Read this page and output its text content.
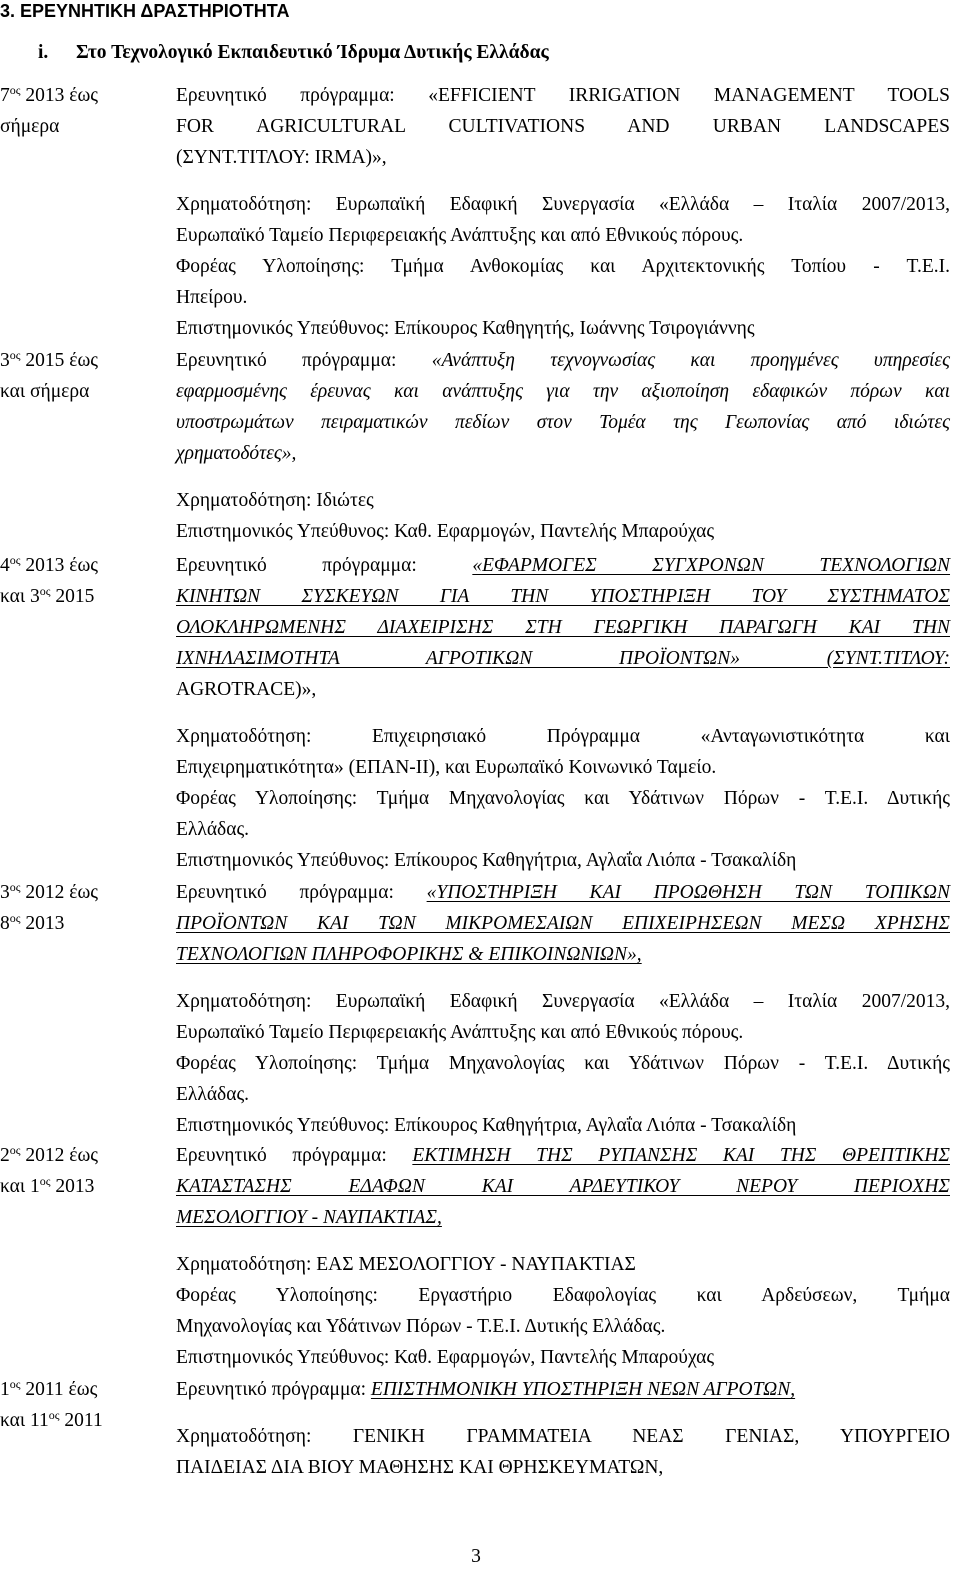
3. ΕΡΕΥΝΗΤΙΚΗ ΔΡΑΣΤΗΡΙΟΤΗΤΑ
i. Στο Τεχνολογικό Εκπαιδευτικό Ίδρυμα Δυτικής Ελλάδας
$7^{o\varsigma}$ 2013 έως
σήμερα
Ερευνητικό πρόγραμμα: «EFFICIENT IRRIGATION MANAGEMENT TOOLS
FOR AGRICULTURAL CULTIVATIONS AND URBAN LANDSCAPES
(ΣΥΝΤ.ΤΙΤΛΟΥ: IRMA)»,
Χρηματοδότηση: Ευρωπαϊκή Εδαφική Συνεργασία «Ελλάδα – Ιταλία 2007/2013,
Ευρωπαϊκό Ταμείο Περιφερειακής Ανάπτυξης και από Εθνικούς πόρους.
Φορέας Υλοποίησης: Τμήμα Ανθοκομίας και Αρχιτεκτονικής Τοπίου - Τ.Ε.Ι.
Ηπείρου.
Επιστημονικός Υπεύθυνος: Επίκουρος Καθηγητής, Ιωάννης Τσιρογιάννης
$3^{o\varsigma}$ 2015 έως
και σήμερα
Ερευνητικό πρόγραμμα: «Ανάπτυξη τεχνογνωσίας και προηγμένες υπηρεσίες
εφαρμοσμένης έρευνας και ανάπτυξης για την αξιοποίηση εδαφικών πόρων και
υποστρωμάτων πειραματικών πεδίων στον Τομέα της Γεωπονίας από ιδιώτες
χρηματοδότες»,
Χρηματοδότηση: Ιδιώτες
Επιστημονικός Υπεύθυνος: Καθ. Εφαρμογών, Παντελής Μπαρούχας
$4^{o\varsigma}$ 2013 έως
και $3^{o\varsigma}$ 2015
Ερευνητικό πρόγραμμα: «ΕΦΑΡΜΟΓΕΣ ΣΥΓΧΡΟΝΩΝ ΤΕΧΝΟΛΟΓΙΩΝ
ΚΙΝΗΤΩΝ ΣΥΣΚΕΥΩΝ ΓΙΑ ΤΗΝ ΥΠΟΣΤΗΡΙΞΗ ΤΟΥ ΣΥΣΤΗΜΑΤΟΣ
ΟΛΟΚΛΗΡΩΜΕΝΗΣ ΔΙΑΧΕΙΡΙΣΗΣ ΣΤΗ ΓΕΩΡΓΙΚΗ ΠΑΡΑΓΩΓΗ ΚΑΙ ΤΗΝ
ΙΧΝΗΛΑΣΙΜΟΤΗΤΑ ΑΓΡΟΤΙΚΩΝ ΠΡΟΪΟΝΤΩΝ» (ΣΥΝΤ.ΤΙΤΛΟΥ:
AGROTRACE)»,
Χρηματοδότηση: Επιχειρησιακό Πρόγραμμα «Ανταγωνιστικότητα και
Επιχειρηματικότητα» (ΕΠΑΝ-ΙΙ), και Ευρωπαϊκό Κοινωνικό Ταμείο.
Φορέας Υλοποίησης: Τμήμα Μηχανολογίας και Υδάτινων Πόρων - Τ.Ε.Ι. Δυτικής
Ελλάδας.
Επιστημονικός Υπεύθυνος: Επίκουρος Καθηγήτρια, Αγλαΐα Λιόπα - Τσακαλίδη
$3^{o\varsigma}$ 2012 έως
$8^{o\varsigma}$ 2013
Ερευνητικό πρόγραμμα: «ΥΠΟΣΤΗΡΙΞΗ ΚΑΙ ΠΡΟΩΘΗΣΗ ΤΩΝ ΤΟΠΙΚΩΝ
ΠΡΟΪΟΝΤΩΝ ΚΑΙ ΤΩΝ ΜΙΚΡΟΜΕΣΑΙΩΝ ΕΠΙΧΕΙΡΗΣΕΩΝ ΜΕΣΩ ΧΡΗΣΗΣ
ΤΕΧΝΟΛΟΓΙΩΝ ΠΛΗΡΟΦΟΡΙΚΗΣ & ΕΠΙΚΟΙΝΩΝΙΩΝ»,
Χρηματοδότηση: Ευρωπαϊκή Εδαφική Συνεργασία «Ελλάδα – Ιταλία 2007/2013,
Ευρωπαϊκό Ταμείο Περιφερειακής Ανάπτυξης και από Εθνικούς πόρους.
Φορέας Υλοποίησης: Τμήμα Μηχανολογίας και Υδάτινων Πόρων - Τ.Ε.Ι. Δυτικής
Ελλάδας.
Επιστημονικός Υπεύθυνος: Επίκουρος Καθηγήτρια, Αγλαΐα Λιόπα - Τσακαλίδη
$2^{o\varsigma}$ 2012 έως
και $1^{o\varsigma}$ 2013
Ερευνητικό πρόγραμμα: ΕΚΤΙΜΗΣΗ ΤΗΣ ΡΥΠΑΝΣΗΣ ΚΑΙ ΤΗΣ ΘΡΕΠΤΙΚΗΣ
ΚΑΤΑΣΤΑΣΗΣ ΕΔΑΦΩΝ ΚΑΙ ΑΡΔΕΥΤΙΚΟΥ ΝΕΡΟΥ ΠΕΡΙΟΧΗΣ
ΜΕΣΟΛΟΓΓΙΟΥ - ΝΑΥΠΑΚΤΙΑΣ,
Χρηματοδότηση: ΕΑΣ ΜΕΣΟΛΟΓΓΙΟΥ - ΝΑΥΠΑΚΤΙΑΣ
Φορέας Υλοποίησης: Εργαστήριο Εδαφολογίας και Αρδεύσεων, Τμήμα
Μηχανολογίας και Υδάτινων Πόρων - Τ.Ε.Ι. Δυτικής Ελλάδας.
Επιστημονικός Υπεύθυνος: Καθ. Εφαρμογών, Παντελής Μπαρούχας
$1^{o\varsigma}$ 2011 έως
και $11^{o\varsigma}$ 2011
Ερευνητικό πρόγραμμα: ΕΠΙΣΤΗΜΟΝΙΚΗ ΥΠΟΣΤΗΡΙΞΗ ΝΕΩΝ ΑΓΡΟΤΩΝ,
Χρηματοδότηση: ΓΕΝΙΚΗ ΓΡΑΜΜΑΤΕΙΑ ΝΕΑΣ ΓΕΝΙΑΣ, ΥΠΟΥΡΓΕΙΟ
ΠΑΙΔΕΙΑΣ ΔΙΑ ΒΙΟΥ ΜΑΘΗΣΗΣ ΚΑΙ ΘΡΗΣΚΕΥΜΑΤΩΝ,
3
